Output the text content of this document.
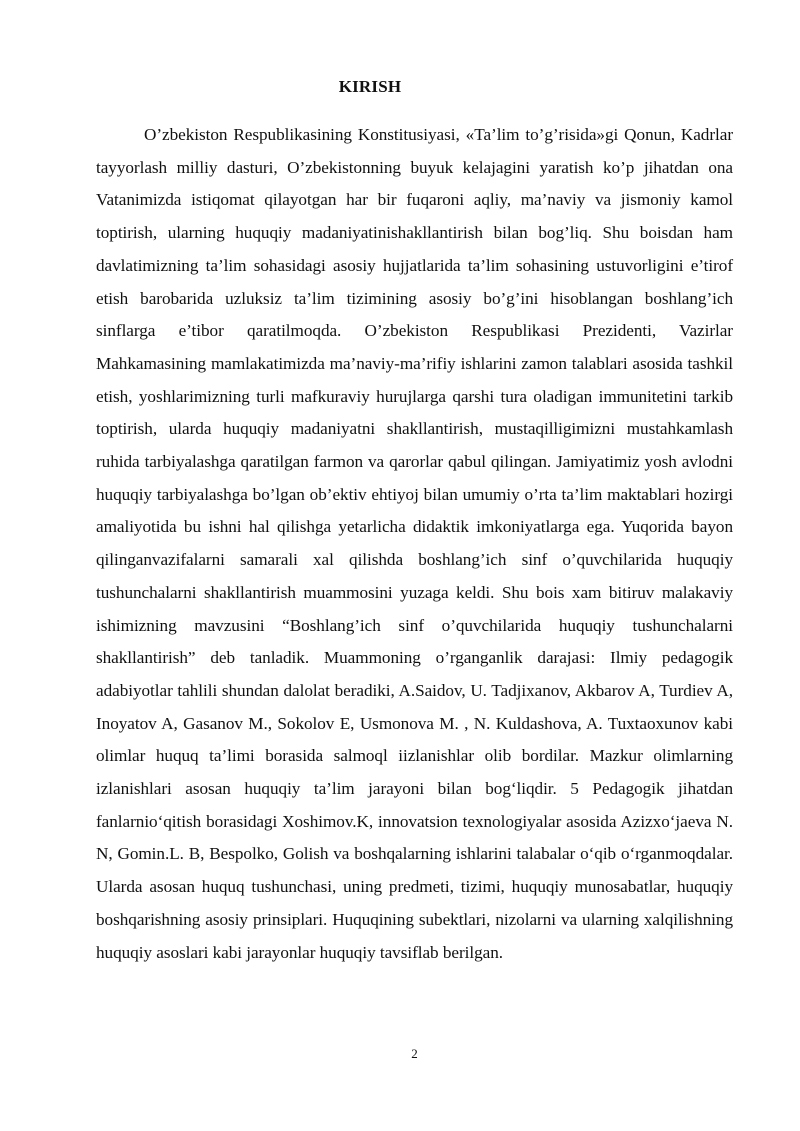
KIRISH

O’zbekiston Respublikasining Konstitusiyasi, «Ta’lim to’g’risida»gi Qonun, Kadrlar tayyorlash milliy dasturi, O’zbekistonning buyuk kelajagini yaratish ko’p jihatdan ona Vatanimizda istiqomat qilayotgan har bir fuqaroni aqliy, ma’naviy va jismoniy kamol toptirish, ularning huquqiy madaniyatinishakllantirish bilan bog’liq. Shu boisdan ham davlatimizning ta’lim sohasidagi asosiy hujjatlarida ta’lim sohasining ustuvorligini e’tirof etish barobarida uzluksiz ta’lim tizimining asosiy bo’g’ini hisoblangan boshlang’ich sinflarga e’tibor qaratilmoqda. O’zbekiston Respublikasi Prezidenti, Vazirlar Mahkamasining mamlakatimizda ma’naviy-ma’rifiy ishlarini zamon talablari asosida tashkil etish, yoshlarimizning turli mafkuraviy hurujlarga qarshi tura oladigan immunitetini tarkib toptirish, ularda huquqiy madaniyatni shakllantirish, mustaqilligimizni mustahkamlash ruhida tarbiyalashga qaratilgan farmon va qarorlar qabul qilingan. Jamiyatimiz yosh avlodni huquqiy tarbiyalashga bo’lgan ob’ektiv ehtiyoj bilan umumiy o’rta ta’lim maktablari hozirgi amaliyotida bu ishni hal qilishga yetarlicha didaktik imkoniyatlarga ega. Yuqorida bayon qilinganvazifalarni samarali xal qilishda boshlang’ich sinf o’quvchilarida huquqiy tushunchalarni shakllantirish muammosini yuzaga keldi. Shu bois xam bitiruv malakaviy ishimizning mavzusini “Boshlang’ich sinf o’quvchilarida huquqiy tushunchalarni shakllantirish” deb tanladik. Muammoning o’rganganlik darajasi: Ilmiy pedagogik adabiyotlar tahlili shundan dalolat beradiki, A.Saidov, U. Tadjixanov, Akbarov A, Turdiev A, Inoyatov A, Gasanov M., Sokolov E, Usmonova M. , N. Kuldashova, A. Tuxtaoxunov kabi olimlar huquq ta’limi borasida salmoql iizlanishlar olib bordilar. Mazkur olimlarning izlanishlari asosan huquqiy ta’lim jarayoni bilan bog‘liqdir. 5 Pedagogik jihatdan fanlarnio‘qitish borasidagi Xoshimov.K, innovatsion texnologiyalar asosida Azizxo‘jaeva N. N, Gomin.L. B, Bespolko, Golish va boshqalarning ishlarini talabalar o‘qib o‘rganmoqdalar. Ularda asosan huquq tushunchasi, uning predmeti, tizimi, huquqiy munosabatlar, huquqiy boshqarishning asosiy prinsiplari. Huquqining subektlari, nizolarni va ularning xalqilishning huquqiy asoslari kabi jarayonlar huquqiy tavsiflab berilgan.

2
